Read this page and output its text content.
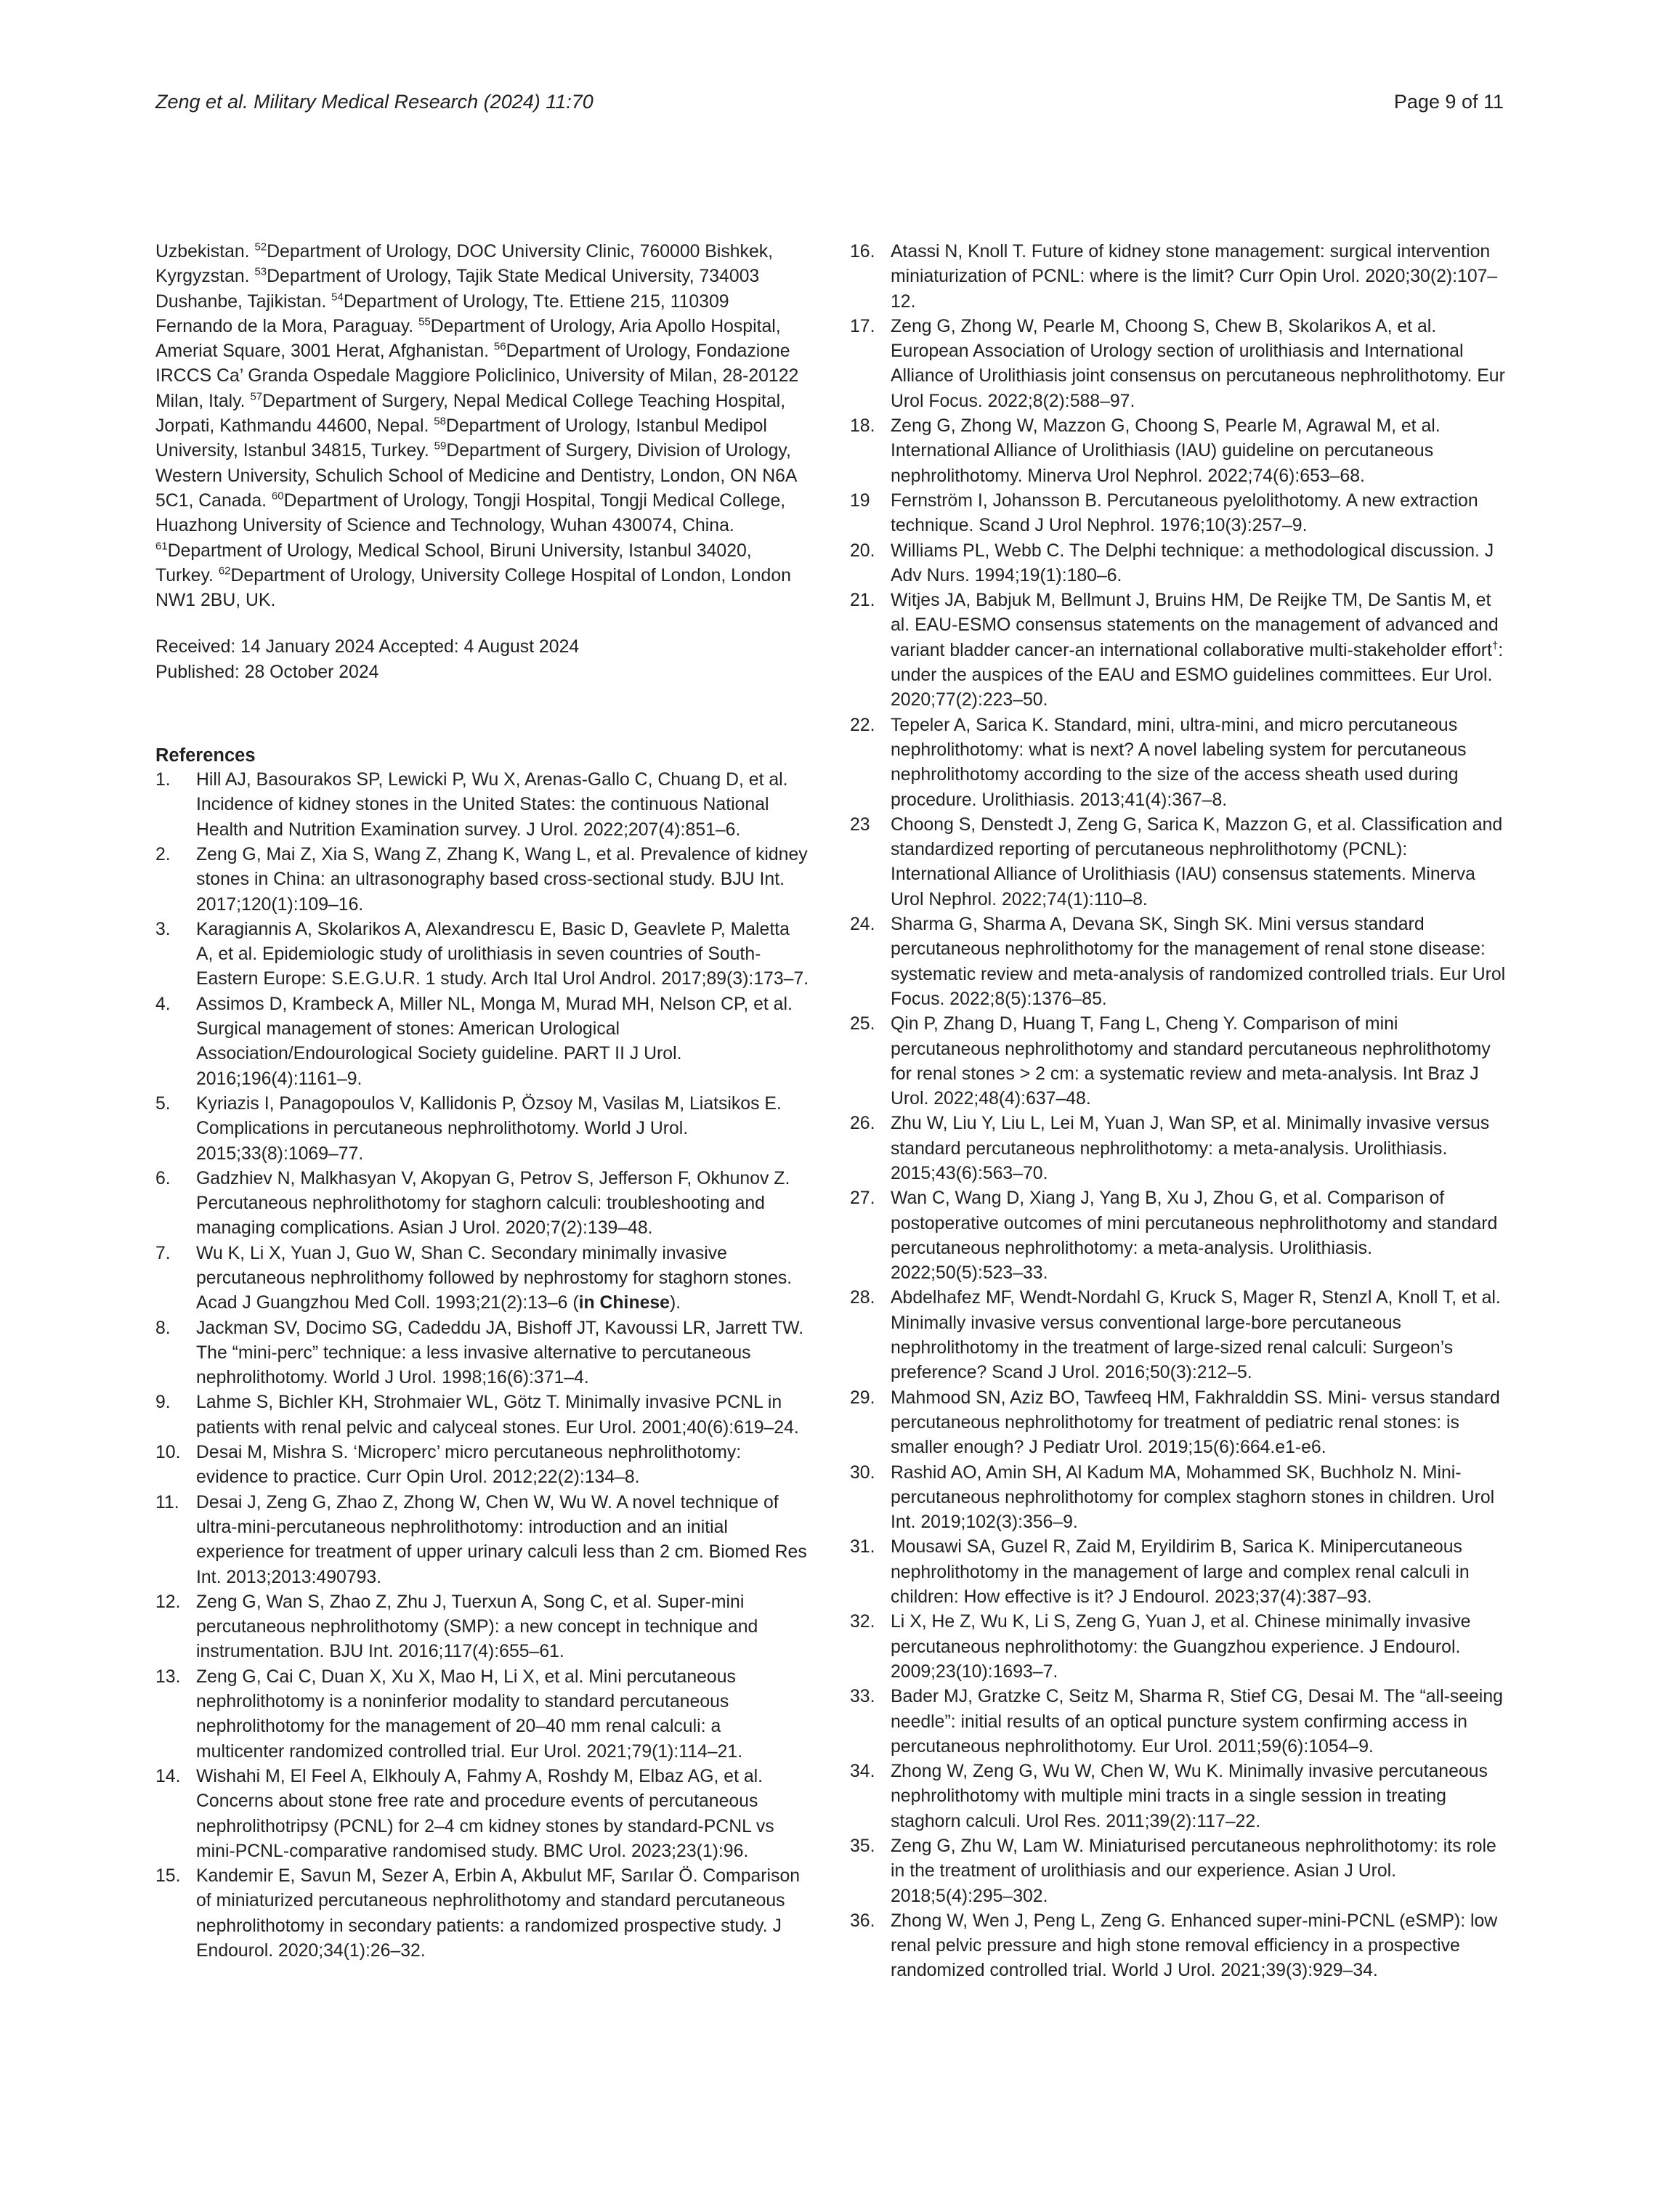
Zeng et al. Military Medical Research (2024) 11:70	Page 9 of 11

Uzbekistan. $^{52}$Department of Urology, DOC University Clinic, 760000 Bishkek, Kyrgyzstan. $^{53}$Department of Urology, Tajik State Medical University, 734003 Dushanbe, Tajikistan. $^{54}$Department of Urology, Tte. Ettiene 215, 110309 Fernando de la Mora, Paraguay. $^{55}$Department of Urology, Aria Apollo Hospital, Ameriat Square, 3001 Herat, Afghanistan. $^{56}$Department of Urology, Fondazione IRCCS Ca’ Granda Ospedale Maggiore Policlinico, University of Milan, 28-20122 Milan, Italy. $^{57}$Department of Surgery, Nepal Medical College Teaching Hospital, Jorpati, Kathmandu 44600, Nepal. $^{58}$Department of Urology, Istanbul Medipol University, Istanbul 34815, Turkey. $^{59}$Department of Surgery, Division of Urology, Western University, Schulich School of Medicine and Dentistry, London, ON N6A 5C1, Canada. $^{60}$Department of Urology, Tongji Hospital, Tongji Medical College, Huazhong University of Science and Technology, Wuhan 430074, China. $^{61}$Department of Urology, Medical School, Biruni University, Istanbul 34020, Turkey. $^{62}$Department of Urology, University College Hospital of London, London NW1 2BU, UK.

Received: 14 January 2024 Accepted: 4 August 2024
Published: 28 October 2024
References
1.	Hill AJ, Basourakos SP, Lewicki P, Wu X, Arenas-Gallo C, Chuang D, et al. Incidence of kidney stones in the United States: the continuous National Health and Nutrition Examination survey. J Urol. 2022;207(4):851–6.
2.	Zeng G, Mai Z, Xia S, Wang Z, Zhang K, Wang L, et al. Prevalence of kidney stones in China: an ultrasonography based cross-sectional study. BJU Int. 2017;120(1):109–16.
3.	Karagiannis A, Skolarikos A, Alexandrescu E, Basic D, Geavlete P, Maletta A, et al. Epidemiologic study of urolithiasis in seven countries of South-Eastern Europe: S.E.G.U.R. 1 study. Arch Ital Urol Androl. 2017;89(3):173–7.
4.	Assimos D, Krambeck A, Miller NL, Monga M, Murad MH, Nelson CP, et al. Surgical management of stones: American Urological Association/Endourological Society guideline. PART II J Urol. 2016;196(4):1161–9.
5.	Kyriazis I, Panagopoulos V, Kallidonis P, Özsoy M, Vasilas M, Liatsikos E. Complications in percutaneous nephrolithotomy. World J Urol. 2015;33(8):1069–77.
6.	Gadzhiev N, Malkhasyan V, Akopyan G, Petrov S, Jefferson F, Okhunov Z. Percutaneous nephrolithotomy for staghorn calculi: troubleshooting and managing complications. Asian J Urol. 2020;7(2):139–48.
7.	Wu K, Li X, Yuan J, Guo W, Shan C. Secondary minimally invasive percutaneous nephrolithomy followed by nephrostomy for staghorn stones. Acad J Guangzhou Med Coll. 1993;21(2):13–6 (in Chinese).
8.	Jackman SV, Docimo SG, Cadeddu JA, Bishoff JT, Kavoussi LR, Jarrett TW. The “mini-perc” technique: a less invasive alternative to percutaneous nephrolithotomy. World J Urol. 1998;16(6):371–4.
9.	Lahme S, Bichler KH, Strohmaier WL, Götz T. Minimally invasive PCNL in patients with renal pelvic and calyceal stones. Eur Urol. 2001;40(6):619–24.
10. Desai M, Mishra S. ‘Microperc’ micro percutaneous nephrolithotomy: evidence to practice. Curr Opin Urol. 2012;22(2):134–8.
11. Desai J, Zeng G, Zhao Z, Zhong W, Chen W, Wu W. A novel technique of ultra-mini-percutaneous nephrolithotomy: introduction and an initial experience for treatment of upper urinary calculi less than 2 cm. Biomed Res Int. 2013;2013:490793.
12. Zeng G, Wan S, Zhao Z, Zhu J, Tuerxun A, Song C, et al. Super-mini percutaneous nephrolithotomy (SMP): a new concept in technique and instrumentation. BJU Int. 2016;117(4):655–61.
13. Zeng G, Cai C, Duan X, Xu X, Mao H, Li X, et al. Mini percutaneous nephrolithotomy is a noninferior modality to standard percutaneous nephrolithotomy for the management of 20–40 mm renal calculi: a multicenter randomized controlled trial. Eur Urol. 2021;79(1):114–21.
14. Wishahi M, El Feel A, Elkhouly A, Fahmy A, Roshdy M, Elbaz AG, et al. Concerns about stone free rate and procedure events of percutaneous nephrolithotripsy (PCNL) for 2–4 cm kidney stones by standard-PCNL vs mini-PCNL-comparative randomised study. BMC Urol. 2023;23(1):96.
15. Kandemir E, Savun M, Sezer A, Erbin A, Akbulut MF, Sarılar Ö. Comparison of miniaturized percutaneous nephrolithotomy and standard percutaneous nephrolithotomy in secondary patients: a randomized prospective study. J Endourol. 2020;34(1):26–32.
16. Atassi N, Knoll T. Future of kidney stone management: surgical intervention miniaturization of PCNL: where is the limit? Curr Opin Urol. 2020;30(2):107–12.
17. Zeng G, Zhong W, Pearle M, Choong S, Chew B, Skolarikos A, et al. European Association of Urology section of urolithiasis and International Alliance of Urolithiasis joint consensus on percutaneous nephrolithotomy. Eur Urol Focus. 2022;8(2):588–97.
18. Zeng G, Zhong W, Mazzon G, Choong S, Pearle M, Agrawal M, et al. International Alliance of Urolithiasis (IAU) guideline on percutaneous nephrolithotomy. Minerva Urol Nephrol. 2022;74(6):653–68.
19	Fernström I, Johansson B. Percutaneous pyelolithotomy. A new extraction technique. Scand J Urol Nephrol. 1976;10(3):257–9.
20. Williams PL, Webb C. The Delphi technique: a methodological discussion. J Adv Nurs. 1994;19(1):180–6.
21. Witjes JA, Babjuk M, Bellmunt J, Bruins HM, De Reijke TM, De Santis M, et al. EAU-ESMO consensus statements on the management of advanced and variant bladder cancer-an international collaborative multi-stakeholder effort†: under the auspices of the EAU and ESMO guidelines committees. Eur Urol. 2020;77(2):223–50.
22. Tepeler A, Sarica K. Standard, mini, ultra-mini, and micro percutaneous nephrolithotomy: what is next? A novel labeling system for percutaneous nephrolithotomy according to the size of the access sheath used during procedure. Urolithiasis. 2013;41(4):367–8.
23	Choong S, Denstedt J, Zeng G, Sarica K, Mazzon G, et al. Classification and standardized reporting of percutaneous nephrolithotomy (PCNL): International Alliance of Urolithiasis (IAU) consensus statements. Minerva Urol Nephrol. 2022;74(1):110–8.
24. Sharma G, Sharma A, Devana SK, Singh SK. Mini versus standard percutaneous nephrolithotomy for the management of renal stone disease: systematic review and meta-analysis of randomized controlled trials. Eur Urol Focus. 2022;8(5):1376–85.
25. Qin P, Zhang D, Huang T, Fang L, Cheng Y. Comparison of mini percutaneous nephrolithotomy and standard percutaneous nephrolithotomy for renal stones > 2 cm: a systematic review and meta-analysis. Int Braz J Urol. 2022;48(4):637–48.
26. Zhu W, Liu Y, Liu L, Lei M, Yuan J, Wan SP, et al. Minimally invasive versus standard percutaneous nephrolithotomy: a meta-analysis. Urolithiasis. 2015;43(6):563–70.
27. Wan C, Wang D, Xiang J, Yang B, Xu J, Zhou G, et al. Comparison of postoperative outcomes of mini percutaneous nephrolithotomy and standard percutaneous nephrolithotomy: a meta-analysis. Urolithiasis. 2022;50(5):523–33.
28. Abdelhafez MF, Wendt-Nordahl G, Kruck S, Mager R, Stenzl A, Knoll T, et al. Minimally invasive versus conventional large-bore percutaneous nephrolithotomy in the treatment of large-sized renal calculi: Surgeon’s preference? Scand J Urol. 2016;50(3):212–5.
29. Mahmood SN, Aziz BO, Tawfeeq HM, Fakhralddin SS. Mini- versus standard percutaneous nephrolithotomy for treatment of pediatric renal stones: is smaller enough? J Pediatr Urol. 2019;15(6):664.e1-e6.
30. Rashid AO, Amin SH, Al Kadum MA, Mohammed SK, Buchholz N. Mini-percutaneous nephrolithotomy for complex staghorn stones in children. Urol Int. 2019;102(3):356–9.
31. Mousawi SA, Guzel R, Zaid M, Eryildirim B, Sarica K. Minipercutaneous nephrolithotomy in the management of large and complex renal calculi in children: How effective is it? J Endourol. 2023;37(4):387–93.
32. Li X, He Z, Wu K, Li S, Zeng G, Yuan J, et al. Chinese minimally invasive percutaneous nephrolithotomy: the Guangzhou experience. J Endourol. 2009;23(10):1693–7.
33. Bader MJ, Gratzke C, Seitz M, Sharma R, Stief CG, Desai M. The “all-seeing needle”: initial results of an optical puncture system confirming access in percutaneous nephrolithotomy. Eur Urol. 2011;59(6):1054–9.
34. Zhong W, Zeng G, Wu W, Chen W, Wu K. Minimally invasive percutaneous nephrolithotomy with multiple mini tracts in a single session in treating staghorn calculi. Urol Res. 2011;39(2):117–22.
35. Zeng G, Zhu W, Lam W. Miniaturised percutaneous nephrolithotomy: its role in the treatment of urolithiasis and our experience. Asian J Urol. 2018;5(4):295–302.
36. Zhong W, Wen J, Peng L, Zeng G. Enhanced super-mini-PCNL (eSMP): low renal pelvic pressure and high stone removal efficiency in a prospective randomized controlled trial. World J Urol. 2021;39(3):929–34.
